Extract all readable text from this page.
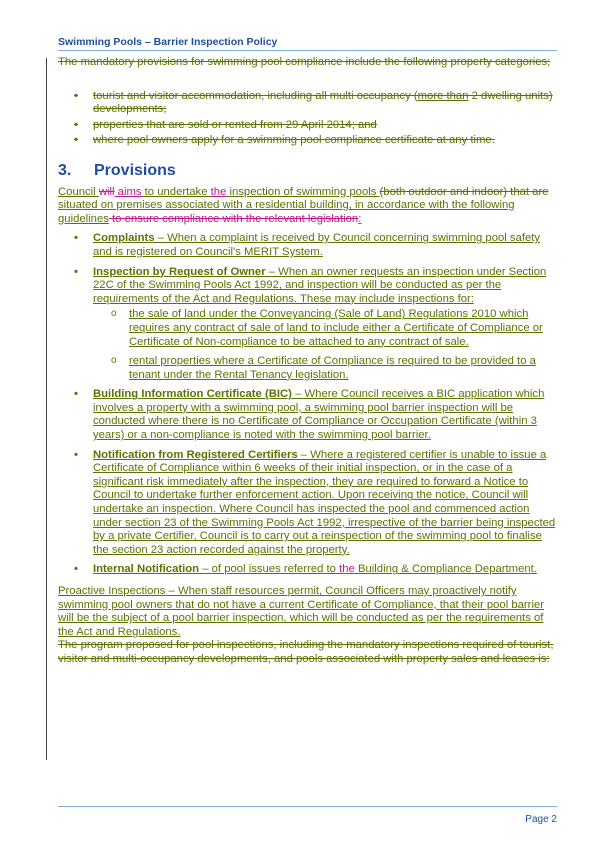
Swimming Pools – Barrier Inspection Policy

The mandatory provisions for swimming pool compliance include the following property categories;

• tourist and visitor accommodation, including all multi occupancy (more than 2 dwelling units) developments;
• properties that are sold or rented from 29 April 2014; and
• where pool owners apply for a swimming pool compliance certificate at any time.
3. Provisions

Council will aims to undertake the inspection of swimming pools (both outdoor and indoor) that are situated on premises associated with a residential building, in accordance with the following guidelines to ensure compliance with the relevant legislation:

• Complaints – When a complaint is received by Council concerning swimming pool safety and is registered on Council's MERIT System.
• Inspection by Request of Owner – When an owner requests an inspection under Section 22C of the Swimming Pools Act 1992, and inspection will be conducted as per the requirements of the Act and Regulations. These may include inspections for:
o the sale of land under the Conveyancing (Sale of Land) Regulations 2010 which requires any contract of sale of land to include either a Certificate of Compliance or Certificate of Non-compliance to be attached to any contract of sale.
o rental properties where a Certificate of Compliance is required to be provided to a tenant under the Rental Tenancy legislation.
• Building Information Certificate (BIC) – Where Council receives a BIC application which involves a property with a swimming pool, a swimming pool barrier inspection will be conducted where there is no Certificate of Compliance or Occupation Certificate (within 3 years) or a non-compliance is noted with the swimming pool barrier.
• Notification from Registered Certifiers – Where a registered certifier is unable to issue a Certificate of Compliance within 6 weeks of their initial inspection, or in the case of a significant risk immediately after the inspection, they are required to forward a Notice to Council to undertake further enforcement action. Upon receiving the notice, Council will undertake an inspection. Where Council has inspected the pool and commenced action under section 23 of the Swimming Pools Act 1992, irrespective of the barrier being inspected by a private Certifier, Council is to carry out a reinspection of the swimming pool to finalise the section 23 action recorded against the property.
• Internal Notification – of pool issues referred to the Building & Compliance Department.

Proactive Inspections – When staff resources permit, Council Officers may proactively notify swimming pool owners that do not have a current Certificate of Compliance, that their pool barrier will be the subject of a pool barrier inspection, which will be conducted as per the requirements of the Act and Regulations.

The program proposed for pool inspections, including the mandatory inspections required of tourist, visitor and multi-occupancy developments, and pools associated with property sales and leases is:

Page 2
